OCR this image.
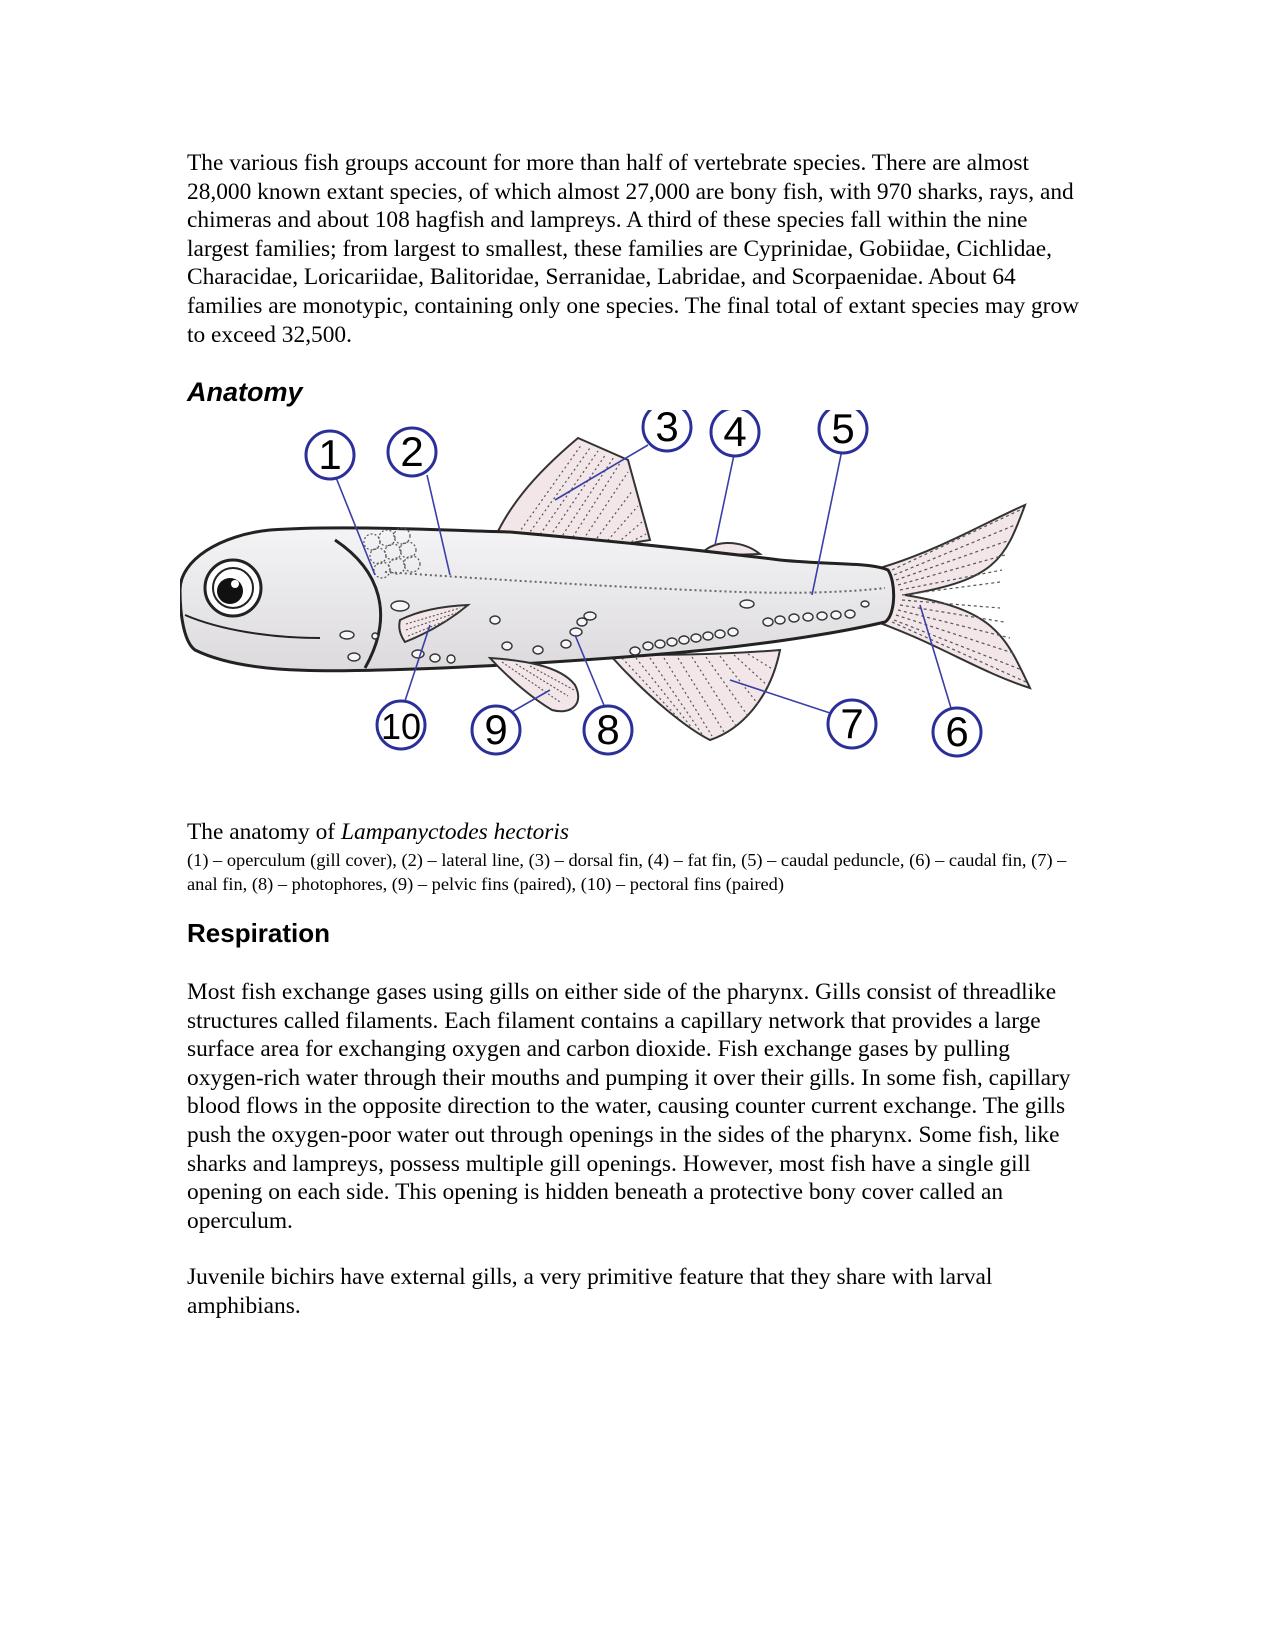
The various fish groups account for more than half of vertebrate species. There are almost 28,000 known extant species, of which almost 27,000 are bony fish, with 970 sharks, rays, and chimeras and about 108 hagfish and lampreys. A third of these species fall within the nine largest families; from largest to smallest, these families are Cyprinidae, Gobiidae, Cichlidae, Characidae, Loricariidae, Balitoridae, Serranidae, Labridae, and Scorpaenidae. About 64 families are monotypic, containing only one species. The final total of extant species may grow to exceed 32,500.

Anatomy
1 2
3 4 5
6
7
8
9
10

The anatomy of Lampanyctodes hectoris

(1) – operculum (gill cover), (2) – lateral line, (3) – dorsal fin, (4) – fat fin, (5) – caudal peduncle, (6) – caudal fin, (7) – anal fin, (8) – photophores, (9) – pelvic fins (paired), (10) – pectoral fins (paired)

Respiration

Most fish exchange gases using gills on either side of the pharynx. Gills consist of threadlike structures called filaments. Each filament contains a capillary network that provides a large surface area for exchanging oxygen and carbon dioxide. Fish exchange gases by pulling oxygen-rich water through their mouths and pumping it over their gills. In some fish, capillary blood flows in the opposite direction to the water, causing counter current exchange. The gills push the oxygen-poor water out through openings in the sides of the pharynx. Some fish, like sharks and lampreys, possess multiple gill openings. However, most fish have a single gill opening on each side. This opening is hidden beneath a protective bony cover called an operculum.

Juvenile bichirs have external gills, a very primitive feature that they share with larval amphibians.
